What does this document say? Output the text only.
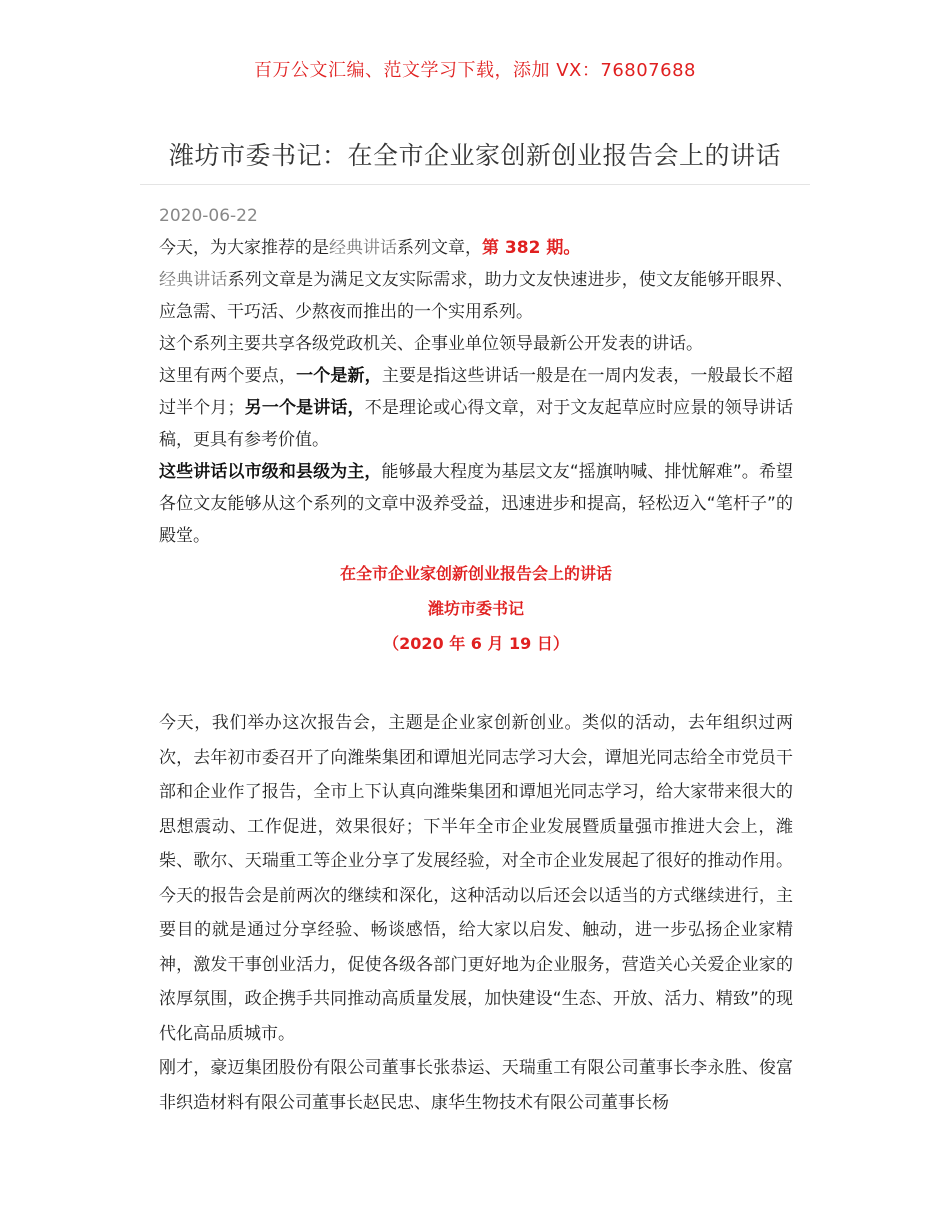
百万公文汇编、范文学习下载，添加 VX：76807688
潍坊市委书记：在全市企业家创新创业报告会上的讲话
2020-06-22

今天，为大家推荐的是经典讲话系列文章，第 382 期。

经典讲话系列文章是为满足文友实际需求，助力文友快速进步，使文友能够开眼界、应急需、干巧活、少熬夜而推出的一个实用系列。

这个系列主要共享各级党政机关、企事业单位领导最新公开发表的讲话。

这里有两个要点，一个是新，主要是指这些讲话一般是在一周内发表，一般最长不超过半个月；另一个是讲话，不是理论或心得文章，对于文友起草应时应景的领导讲话稿，更具有参考价值。

这些讲话以市级和县级为主，能够最大程度为基层文友“摇旗呐喊、排忧解难”。希望各位文友能够从这个系列的文章中汲养受益，迅速进步和提高，轻松迈入“笔杆子”的殿堂。

在全市企业家创新创业报告会上的讲话
潍坊市委书记
（2020 年 6 月 19 日）

今天，我们举办这次报告会，主题是企业家创新创业。类似的活动，去年组织过两次，去年初市委召开了向潍柴集团和谭旭光同志学习大会，谭旭光同志给全市党员干部和企业作了报告，全市上下认真向潍柴集团和谭旭光同志学习，给大家带来很大的思想震动、工作促进，效果很好；下半年全市企业发展暨质量强市推进大会上，潍柴、歌尔、天瑞重工等企业分享了发展经验，对全市企业发展起了很好的推动作用。今天的报告会是前两次的继续和深化，这种活动以后还会以适当的方式继续进行，主要目的就是通过分享经验、畅谈感悟，给大家以启发、触动，进一步弘扬企业家精神，激发干事创业活力，促使各级各部门更好地为企业服务，营造关心关爱企业家的浓厚氛围，政企携手共同推动高质量发展，加快建设“生态、开放、活力、精致”的现代化高品质城市。

刚才，豪迈集团股份有限公司董事长张恭运、天瑞重工有限公司董事长李永胜、俊富非织造材料有限公司董事长赵民忠、康华生物技术有限公司董事长杨
